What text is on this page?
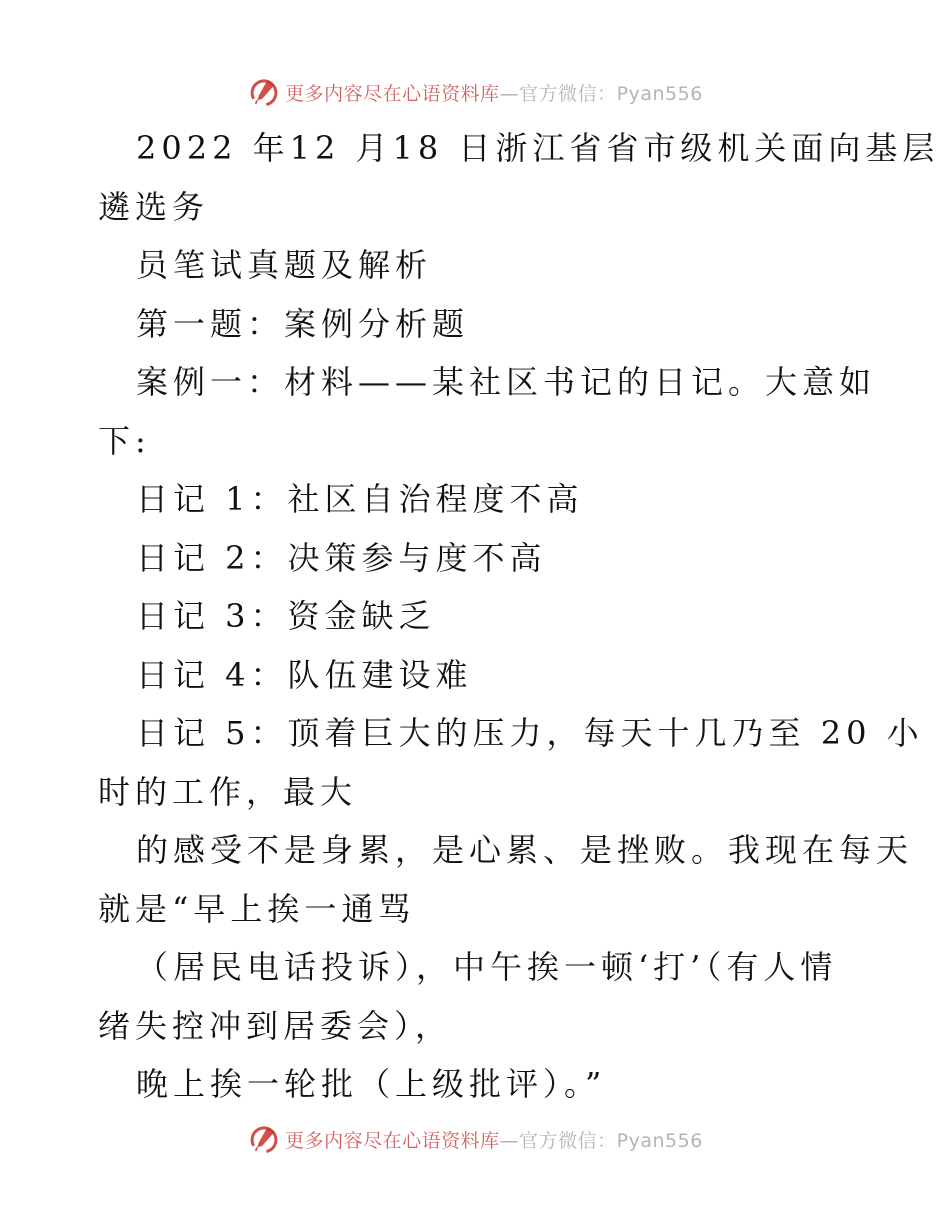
更多内容尽在心语资料库—官方微信：Pyan556
2022 年12 月18 日浙江省省市级机关面向基层
遴选务
员笔试真题及解析
第一题：案例分析题
案例一：材料——某社区书记的日记。大意如
下:
日记 1：社区自治程度不高
日记 2：决策参与度不高
日记 3：资金缺乏
日记 4：队伍建设难
日记 5：顶着巨大的压力，每天十几乃至 20 小
时的工作，最大
的感受不是身累，是心累、是挫败。我现在每天
就是“早上挨一通骂
（居民电话投诉），中午挨一顿‘打’（有人情
绪失控冲到居委会），
晚上挨一轮批（上级批评）。”
更多内容尽在心语资料库—官方微信：Pyan556
